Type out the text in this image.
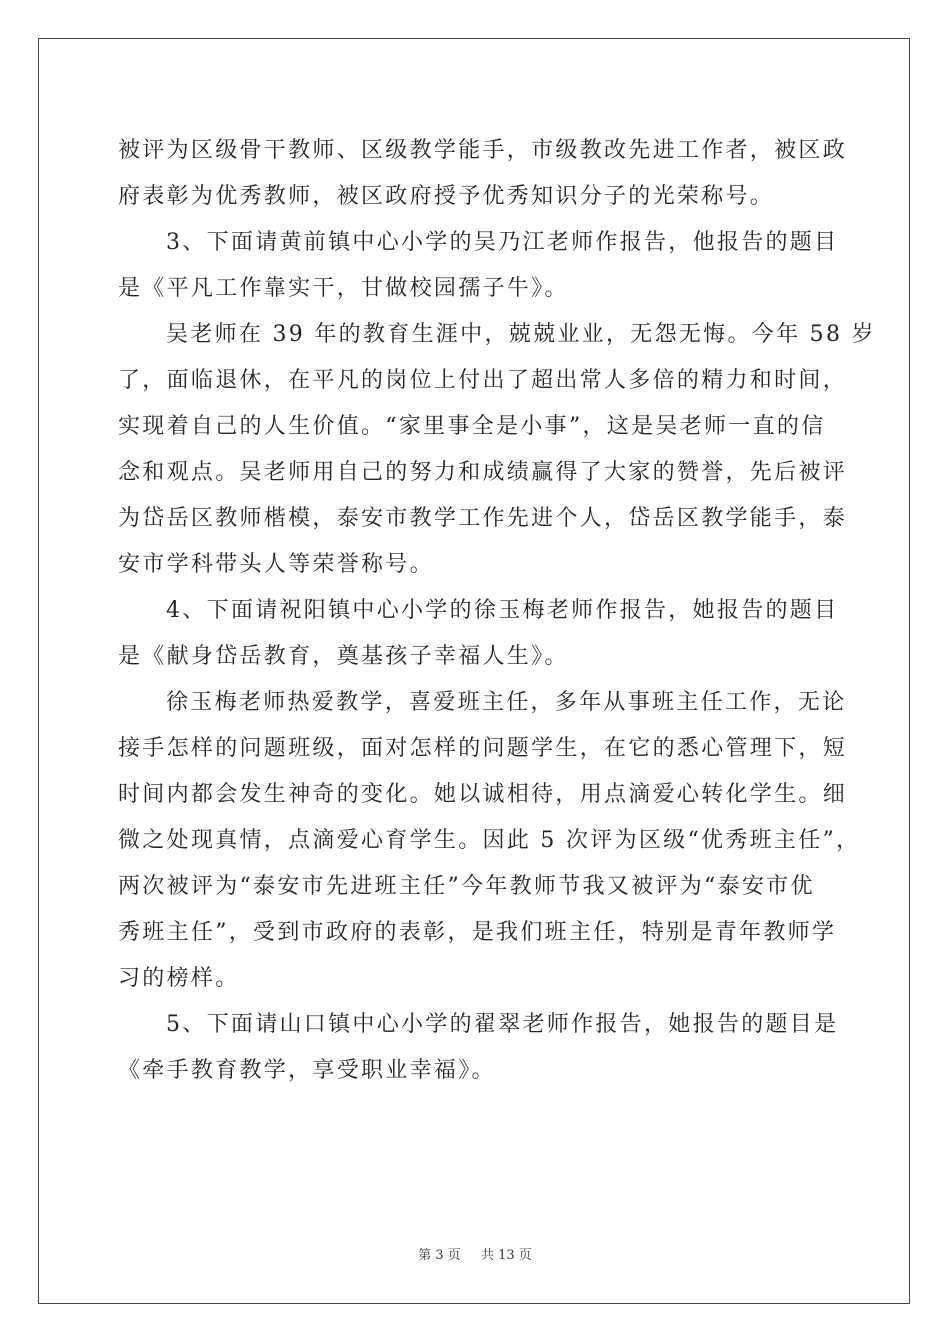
被评为区级骨干教师、区级教学能手，市级教改先进工作者，被区政
府表彰为优秀教师，被区政府授予优秀知识分子的光荣称号。
3、下面请黄前镇中心小学的吴乃江老师作报告，他报告的题目
是《平凡工作靠实干，甘做校园孺子牛》。
吴老师在 39 年的教育生涯中，兢兢业业，无怨无悔。今年 58 岁
了，面临退休，在平凡的岗位上付出了超出常人多倍的精力和时间，
实现着自己的人生价值。“家里事全是小事”，这是吴老师一直的信
念和观点。吴老师用自己的努力和成绩赢得了大家的赞誉，先后被评
为岱岳区教师楷模，泰安市教学工作先进个人，岱岳区教学能手，泰
安市学科带头人等荣誉称号。
4、下面请祝阳镇中心小学的徐玉梅老师作报告，她报告的题目
是《献身岱岳教育，奠基孩子幸福人生》。
徐玉梅老师热爱教学，喜爱班主任，多年从事班主任工作，无论
接手怎样的问题班级，面对怎样的问题学生，在它的悉心管理下，短
时间内都会发生神奇的变化。她以诚相待，用点滴爱心转化学生。细
微之处现真情，点滴爱心育学生。因此 5 次评为区级“优秀班主任”，
两次被评为“泰安市先进班主任”今年教师节我又被评为“泰安市优
秀班主任”，受到市政府的表彰，是我们班主任，特别是青年教师学
习的榜样。
5、下面请山口镇中心小学的翟翠老师作报告，她报告的题目是
《牵手教育教学，享受职业幸福》。
第 3 页 共 13 页
